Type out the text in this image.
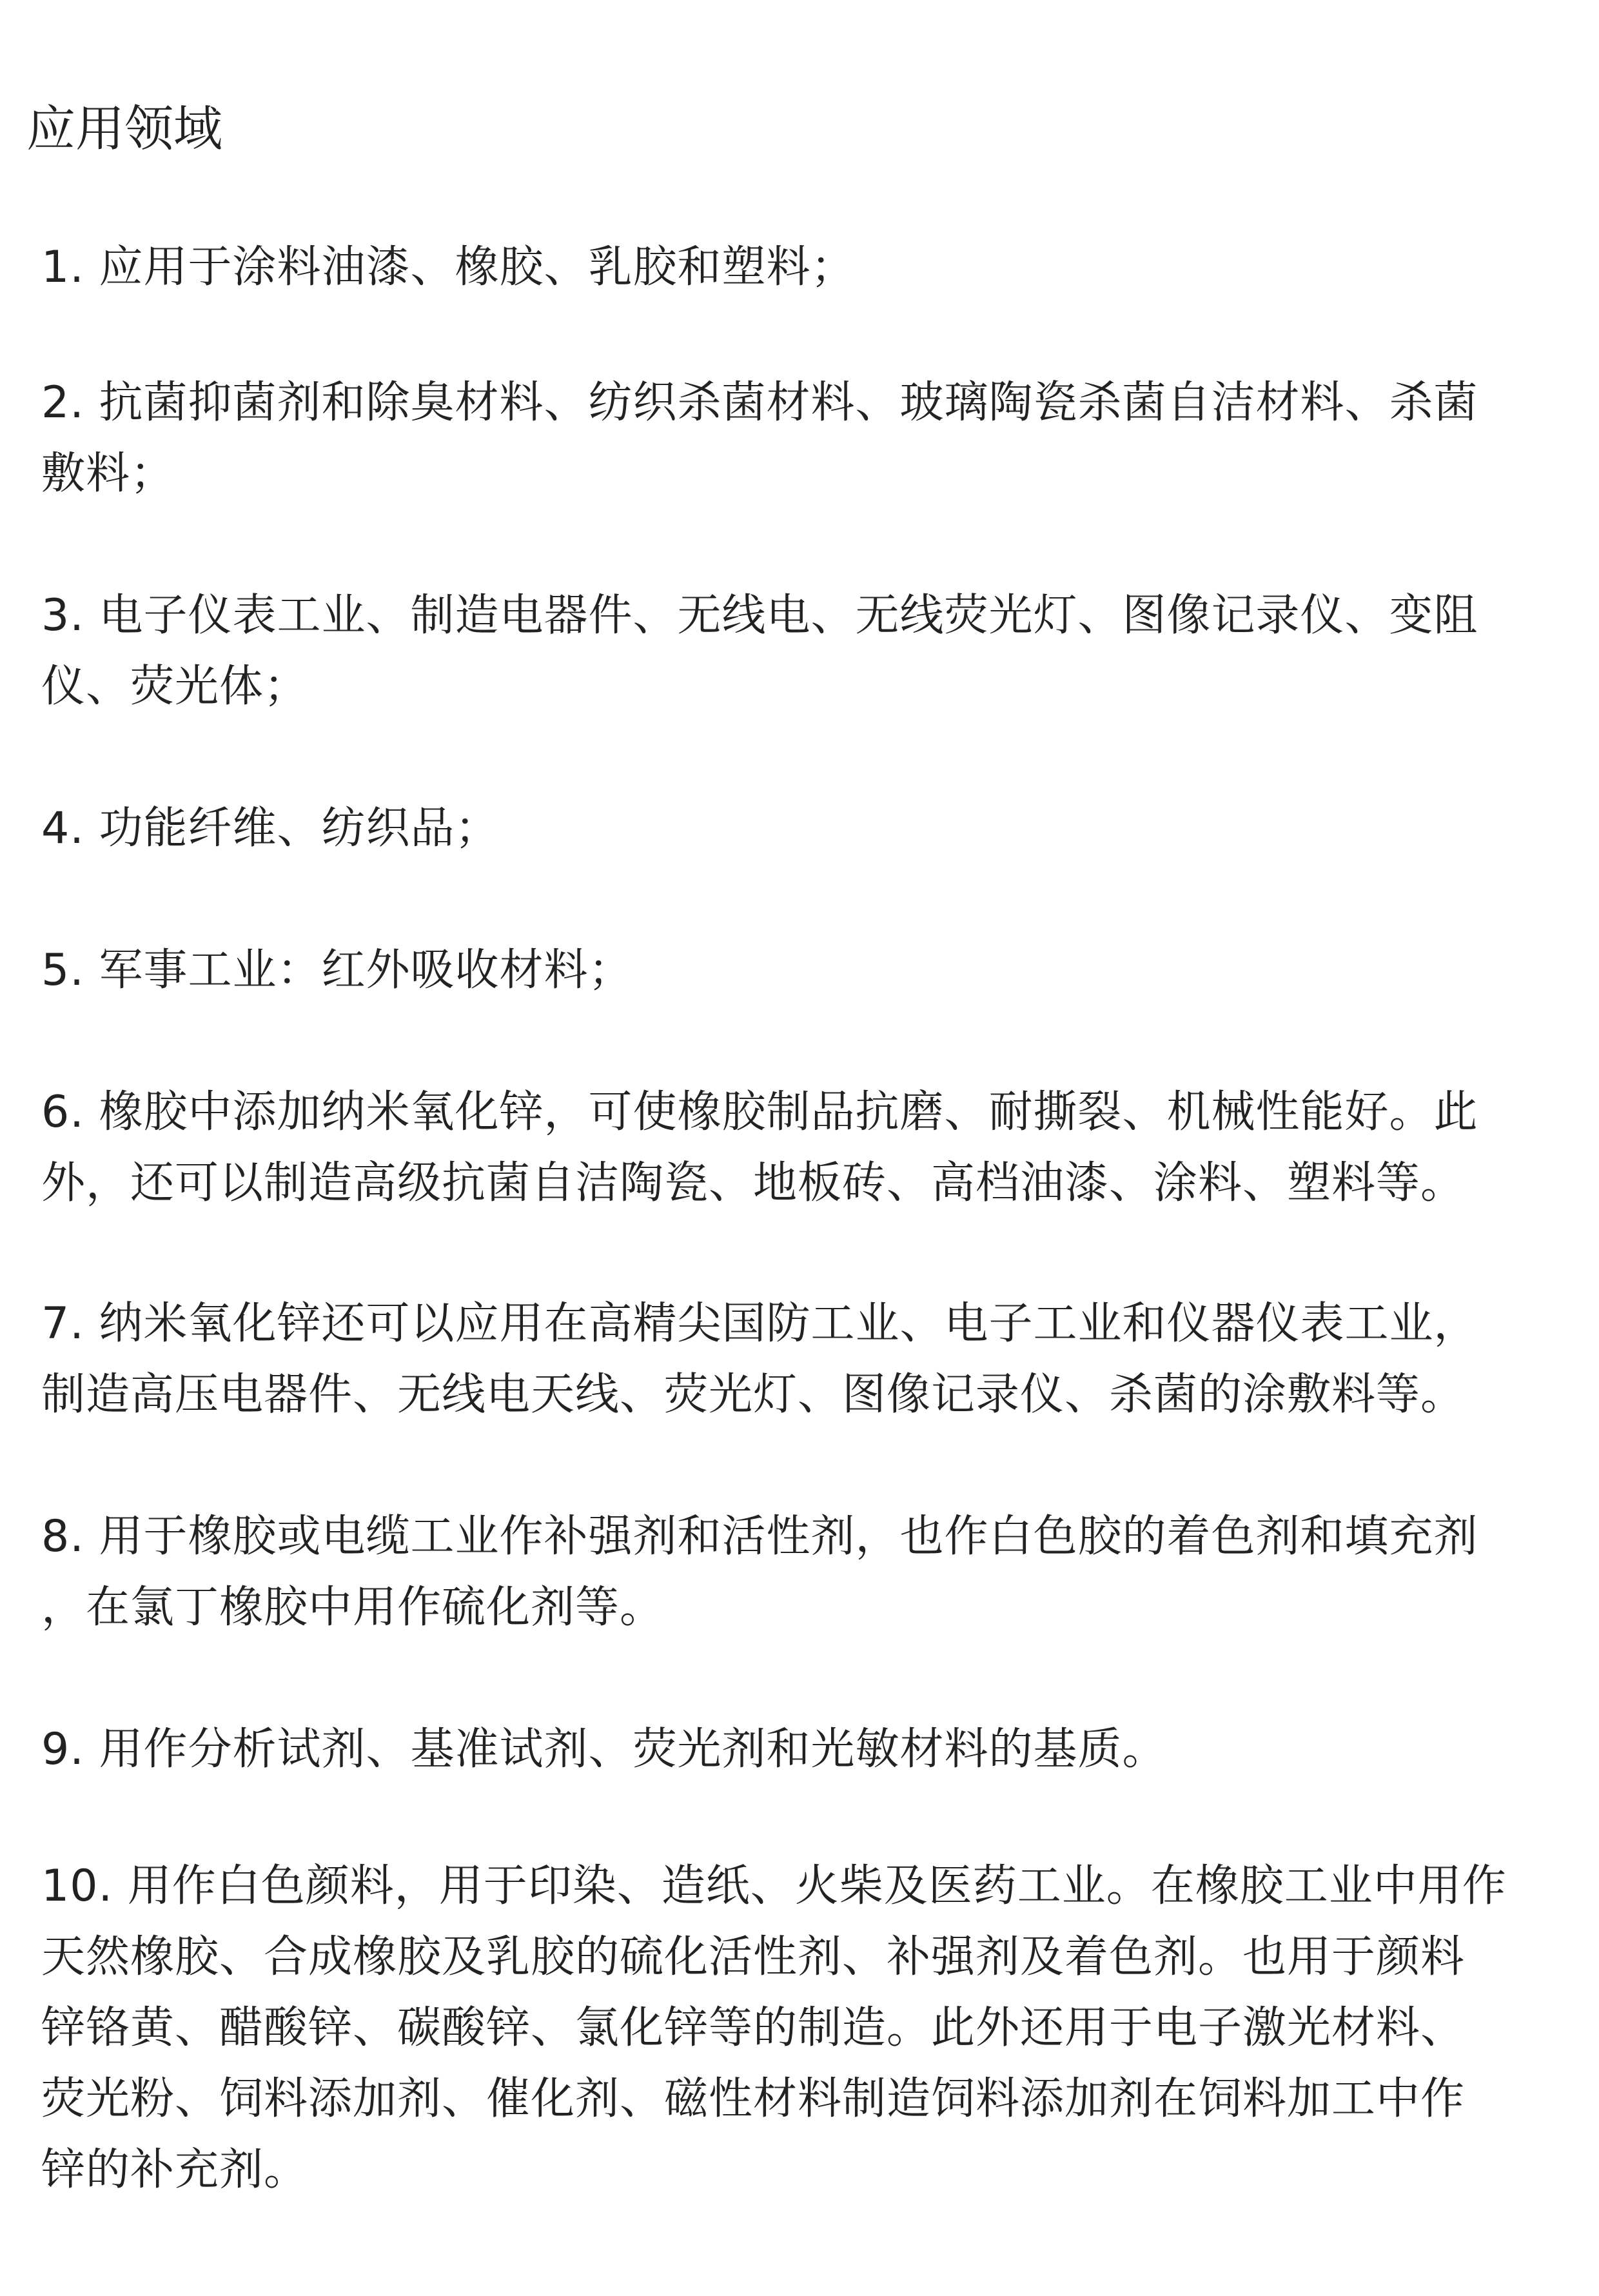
应用领域
1. 应用于涂料油漆、橡胶、乳胶和塑料；
2. 抗菌抑菌剂和除臭材料、纺织杀菌材料、玻璃陶瓷杀菌自洁材料、杀菌
敷料；
3. 电子仪表工业、制造电器件、无线电、无线荧光灯、图像记录仪、变阻
仪、荧光体；
4. 功能纤维、纺织品；
5. 军事工业：红外吸收材料；
6. 橡胶中添加纳米氧化锌，可使橡胶制品抗磨、耐撕裂、机械性能好。此
外，还可以制造高级抗菌自洁陶瓷、地板砖、高档油漆、涂料、塑料等。
7. 纳米氧化锌还可以应用在高精尖国防工业、电子工业和仪器仪表工业，
制造高压电器件、无线电天线、荧光灯、图像记录仪、杀菌的涂敷料等。
8. 用于橡胶或电缆工业作补强剂和活性剂，也作白色胶的着色剂和填充剂
，在氯丁橡胶中用作硫化剂等。
9. 用作分析试剂、基准试剂、荧光剂和光敏材料的基质。
10. 用作白色颜料，用于印染、造纸、火柴及医药工业。在橡胶工业中用作
天然橡胶、合成橡胶及乳胶的硫化活性剂、补强剂及着色剂。也用于颜料
锌铬黄、醋酸锌、碳酸锌、氯化锌等的制造。此外还用于电子激光材料、
荧光粉、饲料添加剂、催化剂、磁性材料制造饲料添加剂在饲料加工中作
锌的补充剂。
